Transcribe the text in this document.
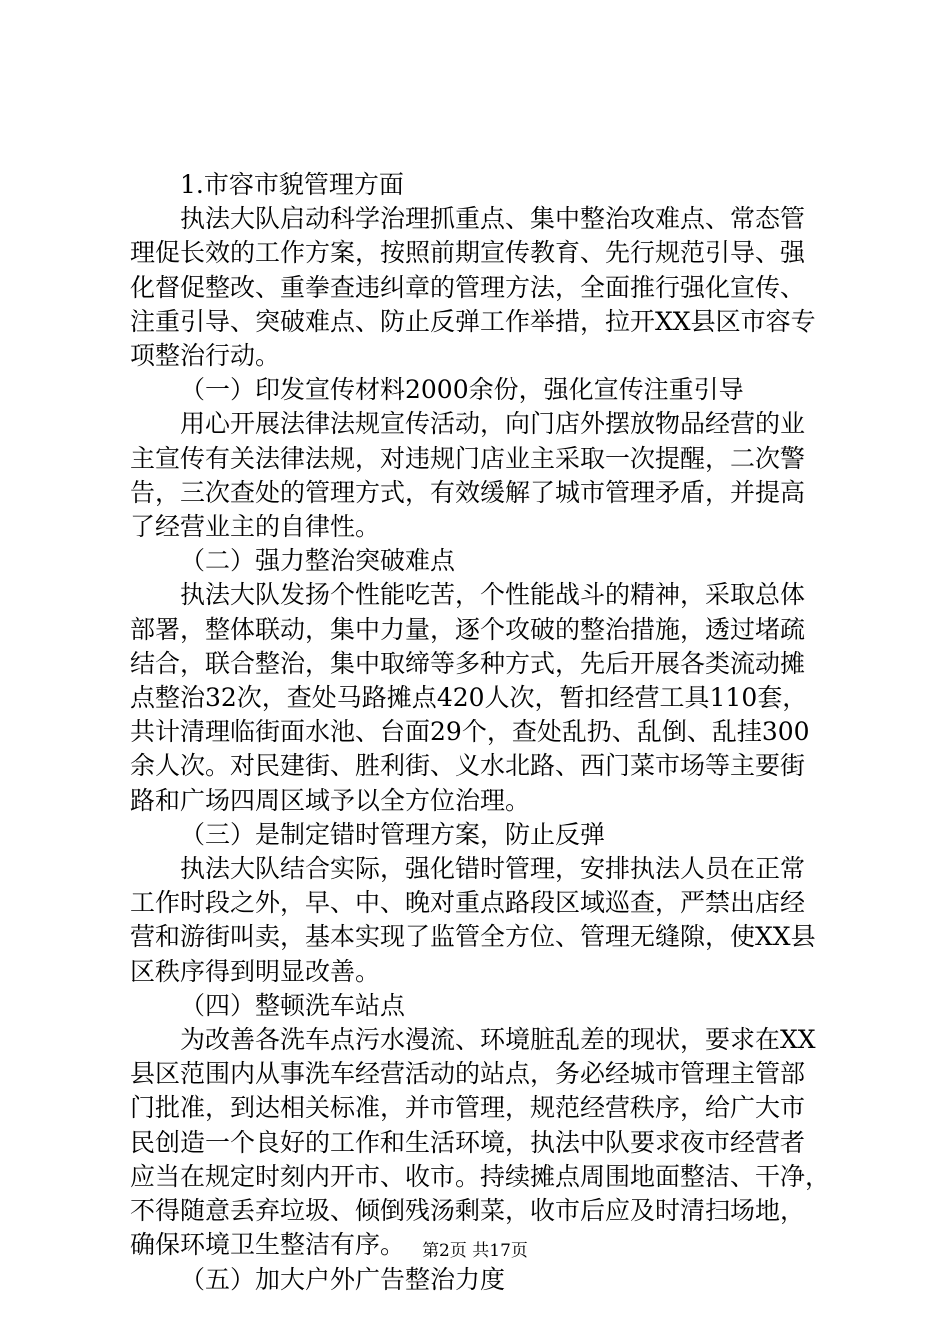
1.市容市貌管理方面

执法大队启动科学治理抓重点、集中整治攻难点、常态管
理促长效的工作方案，按照前期宣传教育、先行规范引导、强
化督促整改、重拳查违纠章的管理方法，全面推行强化宣传、
注重引导、突破难点、防止反弹工作举措，拉开XX县区市容专
项整治行动。

（一）印发宣传材料2000余份，强化宣传注重引导

用心开展法律法规宣传活动，向门店外摆放物品经营的业
主宣传有关法律法规，对违规门店业主采取一次提醒，二次警
告，三次查处的管理方式，有效缓解了城市管理矛盾，并提高
了经营业主的自律性。

（二）强力整治突破难点

执法大队发扬个性能吃苦，个性能战斗的精神，采取总体
部署，整体联动，集中力量，逐个攻破的整治措施，透过堵疏
结合，联合整治，集中取缔等多种方式，先后开展各类流动摊
点整治32次，查处马路摊点420人次，暂扣经营工具110套，
共计清理临街面水池、台面29个，查处乱扔、乱倒、乱挂300
余人次。对民建街、胜利街、义水北路、西门菜市场等主要街
路和广场四周区域予以全方位治理。

（三）是制定错时管理方案，防止反弹

执法大队结合实际，强化错时管理，安排执法人员在正常
工作时段之外，早、中、晚对重点路段区域巡查，严禁出店经
营和游街叫卖，基本实现了监管全方位、管理无缝隙，使XX县
区秩序得到明显改善。

（四）整顿洗车站点

为改善各洗车点污水漫流、环境脏乱差的现状，要求在XX
县区范围内从事洗车经营活动的站点，务必经城市管理主管部
门批准，到达相关标准，并市管理，规范经营秩序，给广大市
民创造一个良好的工作和生活环境，执法中队要求夜市经营者
应当在规定时刻内开市、收市。持续摊点周围地面整洁、干净，
不得随意丢弃垃圾、倾倒残汤剩菜，收市后应及时清扫场地，
确保环境卫生整洁有序。

（五）加大户外广告整治力度

第2页 共17页
